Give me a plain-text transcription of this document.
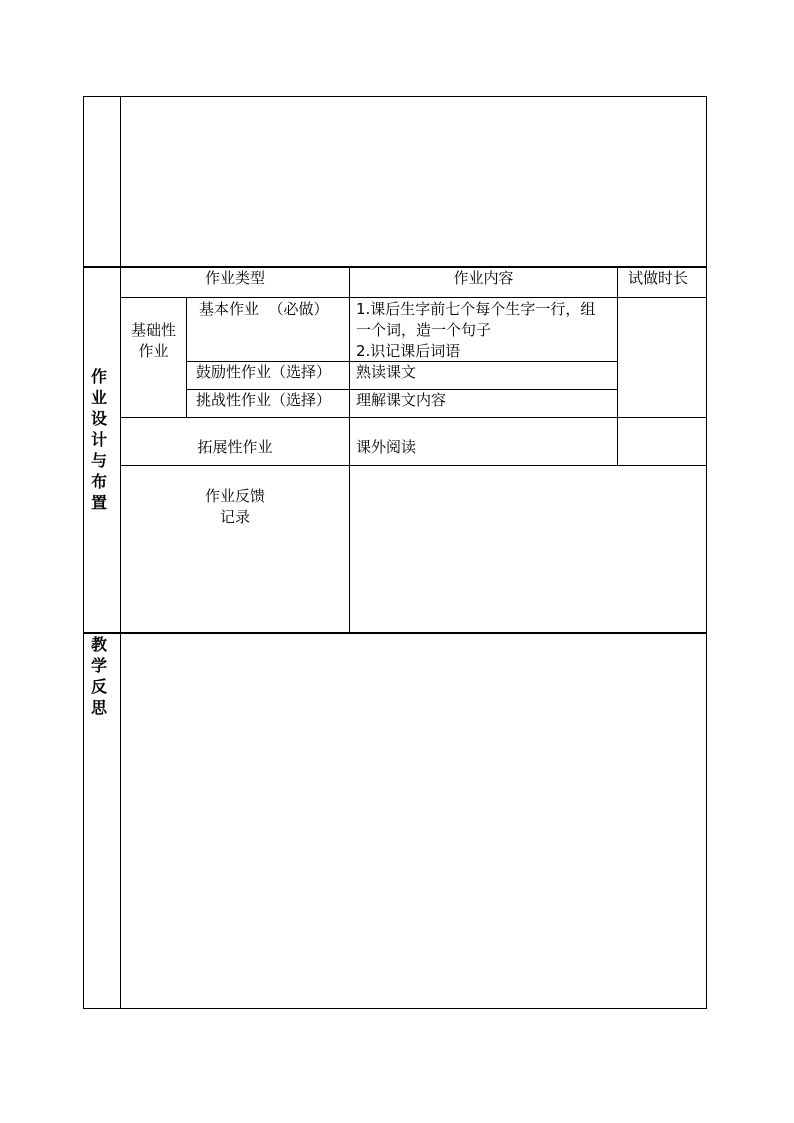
作
业
设
计
与
布
置
教
学
反
思
作业类型	作业内容	试做时长
基础性
作业
基本作业  （必做） 1.课后生字前七个每个生字一行，组
一个词，造一个句子
2.识记课后词语
鼓励性作业（选择） 熟读课文
挑战性作业（选择） 理解课文内容
拓展性作业	课外阅读
作业反馈
记录
